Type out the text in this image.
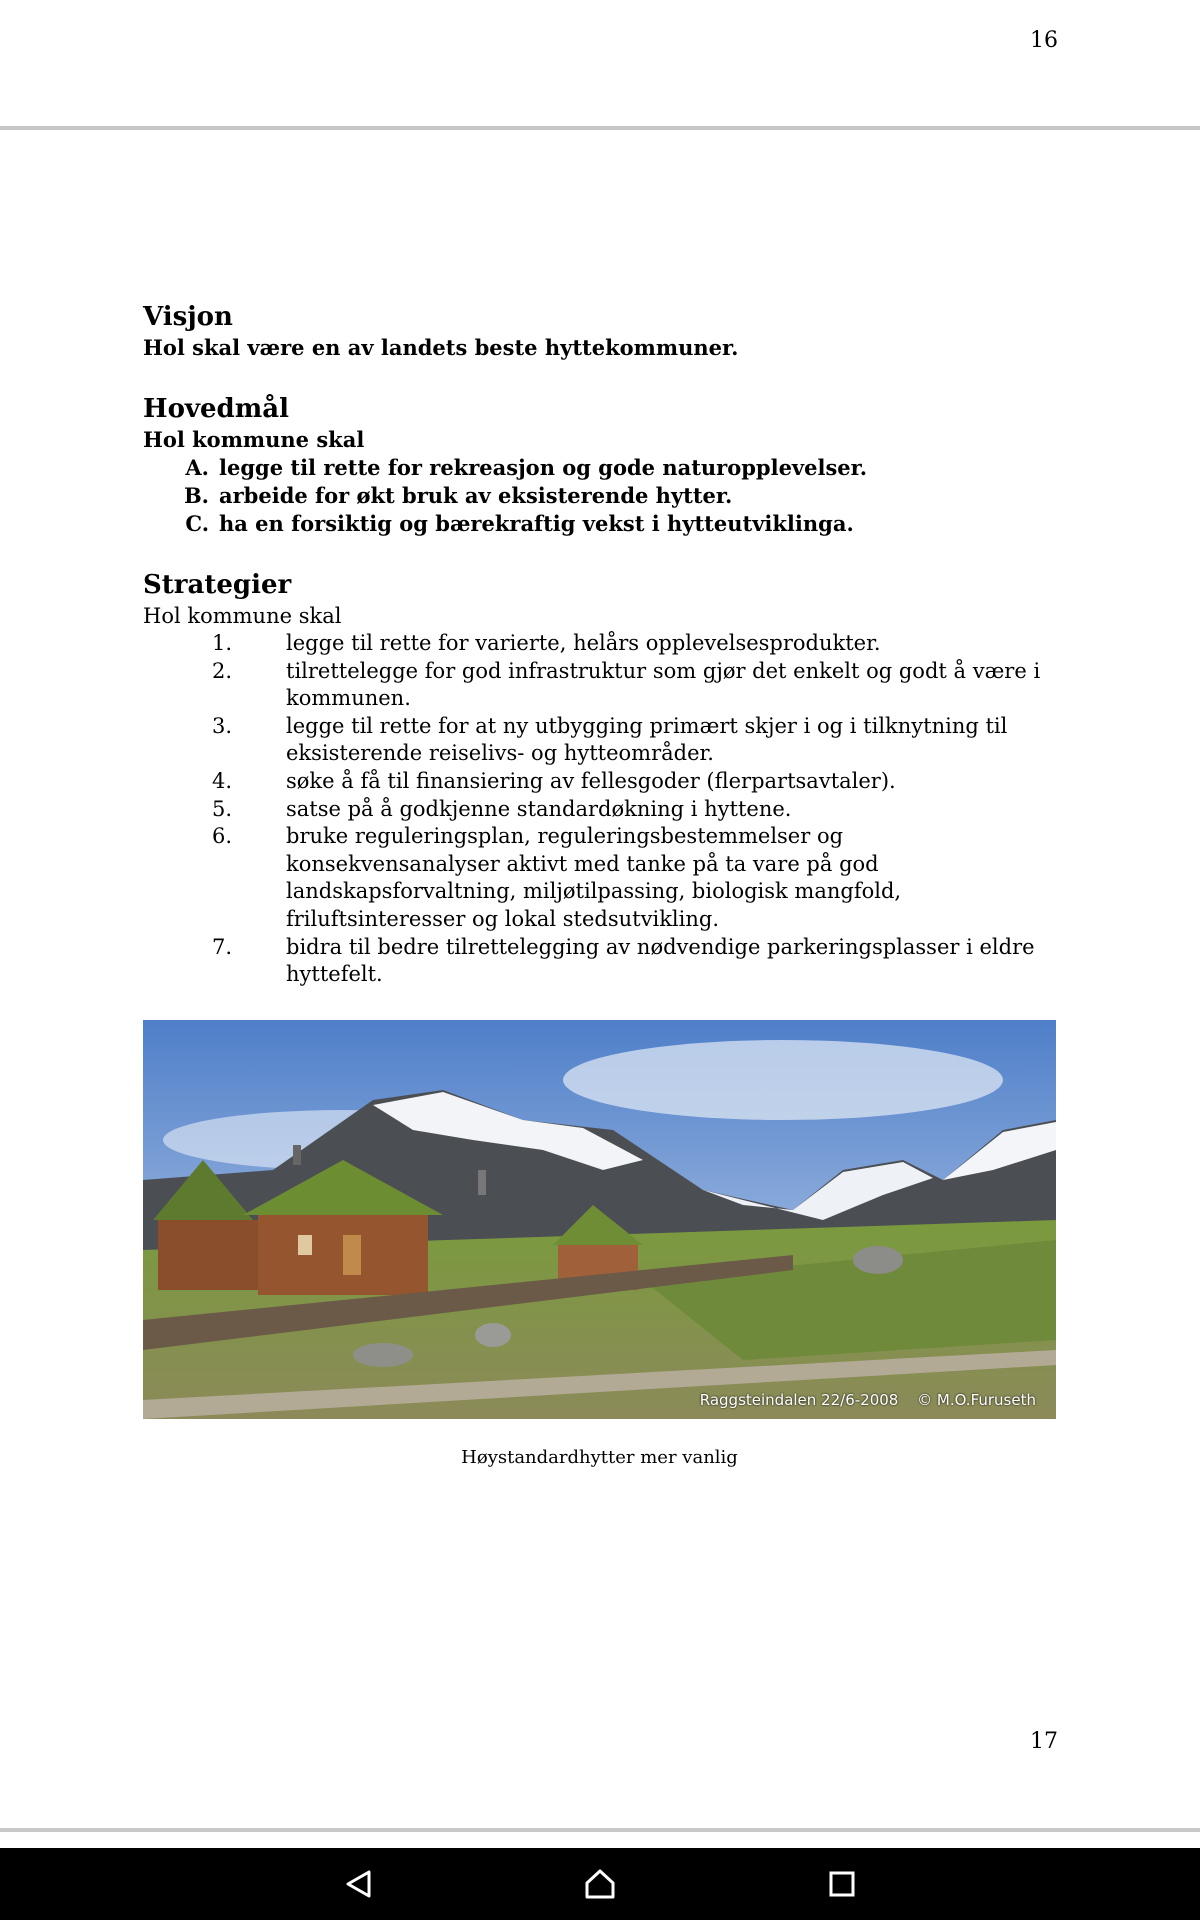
16
Visjon

Hol skal være en av landets beste hyttekommuner.

Hovedmål

Hol kommune skal

A. legge til rette for rekreasjon og gode naturopplevelser.
B. arbeide for økt bruk av eksisterende hytter.
C. ha en forsiktig og bærekraftig vekst i hytteutviklinga.
Strategier

Hol kommune skal

1.	legge til rette for varierte, helårs opplevelsesprodukter.
2.	tilrettelegge for god infrastruktur som gjør det enkelt og godt å være i kommunen.
3.	legge til rette for at ny utbygging primært skjer i og i tilknytning til eksisterende reiselivs- og hytteområder.
4.	søke å få til finansiering av fellesgoder (flerpartsavtaler).
5.	satse på å godkjenne standardøkning i hyttene.
6.	bruke reguleringsplan, reguleringsbestemmelser og konsekvensanalyser aktivt med tanke på ta vare på god landskapsforvaltning, miljøtilpassing, biologisk mangfold, friluftsinteresser og lokal stedsutvikling.
7.	bidra til bedre tilrettelegging av nødvendige parkeringsplasser i eldre hyttefelt.
Raggsteindalen 22/6-2008 © M.O.Furuseth
Høystandardhytter mer vanlig
17
